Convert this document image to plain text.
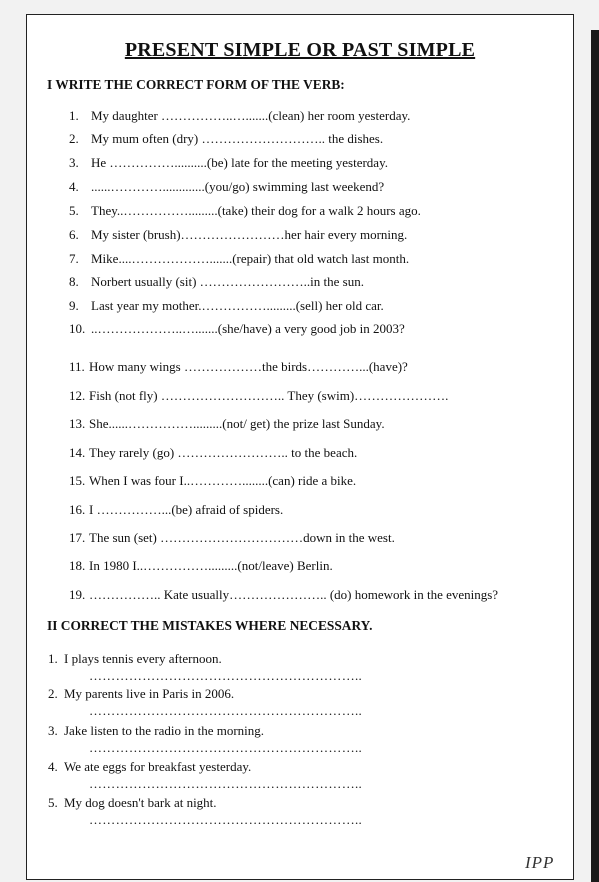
PRESENT SIMPLE OR PAST SIMPLE
I WRITE THE CORRECT FORM OF THE VERB:
1. My daughter ……………..….......(clean) her room yesterday.
2. My mum often (dry) ……………………….. the dishes.
3. He ……………..........(be) late for the meeting yesterday.
4. ......………….............(you/go) swimming last weekend?
5. They..…………….........(take) their dog for a walk 2 hours ago.
6. My sister (brush)……………………her hair every morning.
7. Mike....……………….......(repair) that old watch last month.
8. Norbert usually (sit) ……………………..in the sun.
9. Last year my mother.…………….........(sell) her old car.
10. ..………………..….......(she/have) a very good job in 2003?
11. How many wings ………………the birds…………...(have)?
12. Fish (not fly) ……………………….. They (swim)………………….
13. She......…………….........(not/ get) the prize last Sunday.
14. They rarely (go) …………………….. to the beach.
15. When I was four I..…………........(can) ride a bike.
16. I ……………...(be) afraid of spiders.
17. The sun (set) ……………………………down in the west.
18. In 1980 I..…………….........(not/leave) Berlin.
19. …………….. Kate usually………………….. (do) homework in the evenings?
II CORRECT THE MISTAKES WHERE NECESSARY.
1. I plays tennis every afternoon.
……………………………………………………..
2. My parents live in Paris in 2006.
……………………………………………………..
3. Jake listen to the radio in the morning.
……………………………………………………..
4. We ate eggs for breakfast yesterday.
……………………………………………………..
5. My dog doesn't bark at night.
……………………………………………………..
IPP
